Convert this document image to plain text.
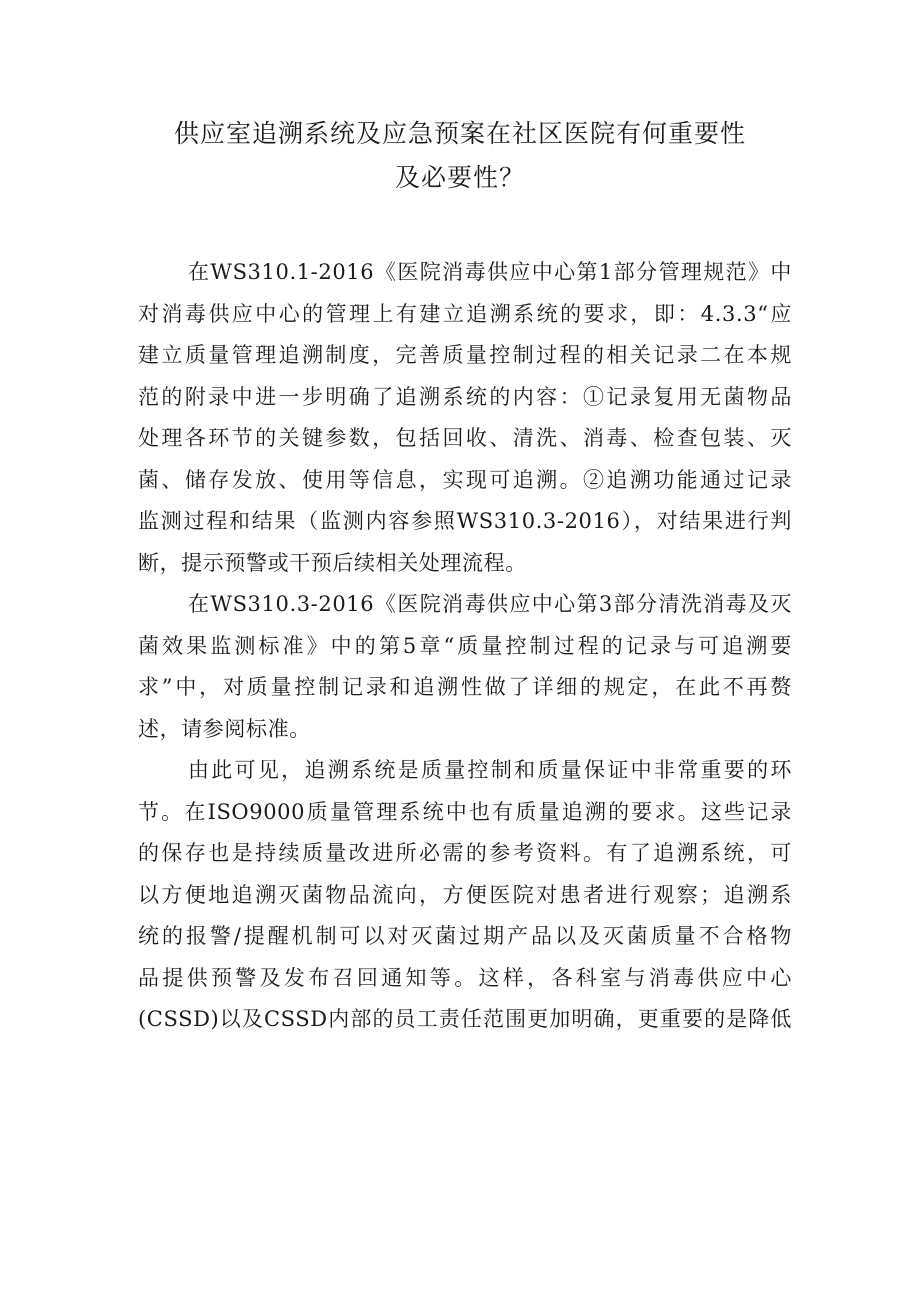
供应室追溯系统及应急预案在社区医院有何重要性
及必要性？

在WS310.1-2016《医院消毒供应中心第1部分管理规范》中
对消毒供应中心的管理上有建立追溯系统的要求，即：4.3.3“应
建立质量管理追溯制度，完善质量控制过程的相关记录二在本规
范的附录中进一步明确了追溯系统的内容：①记录复用无菌物品
处理各环节的关键参数，包括回收、清洗、消毒、检查包装、灭
菌、储存发放、使用等信息，实现可追溯。②追溯功能通过记录
监测过程和结果（监测内容参照WS310.3-2016），对结果进行判
断，提示预警或干预后续相关处理流程。

在WS310.3-2016《医院消毒供应中心第3部分清洗消毒及灭
菌效果监测标准》中的第5章“质量控制过程的记录与可追溯要
求”中，对质量控制记录和追溯性做了详细的规定，在此不再赘
述，请参阅标准。

由此可见，追溯系统是质量控制和质量保证中非常重要的环
节。在ISO9000质量管理系统中也有质量追溯的要求。这些记录
的保存也是持续质量改进所必需的参考资料。有了追溯系统，可
以方便地追溯灭菌物品流向，方便医院对患者进行观察；追溯系
统的报警/提醒机制可以对灭菌过期产品以及灭菌质量不合格物
品提供预警及发布召回通知等。这样，各科室与消毒供应中心
(CSSD)以及CSSD内部的员工责任范围更加明确，更重要的是降低
